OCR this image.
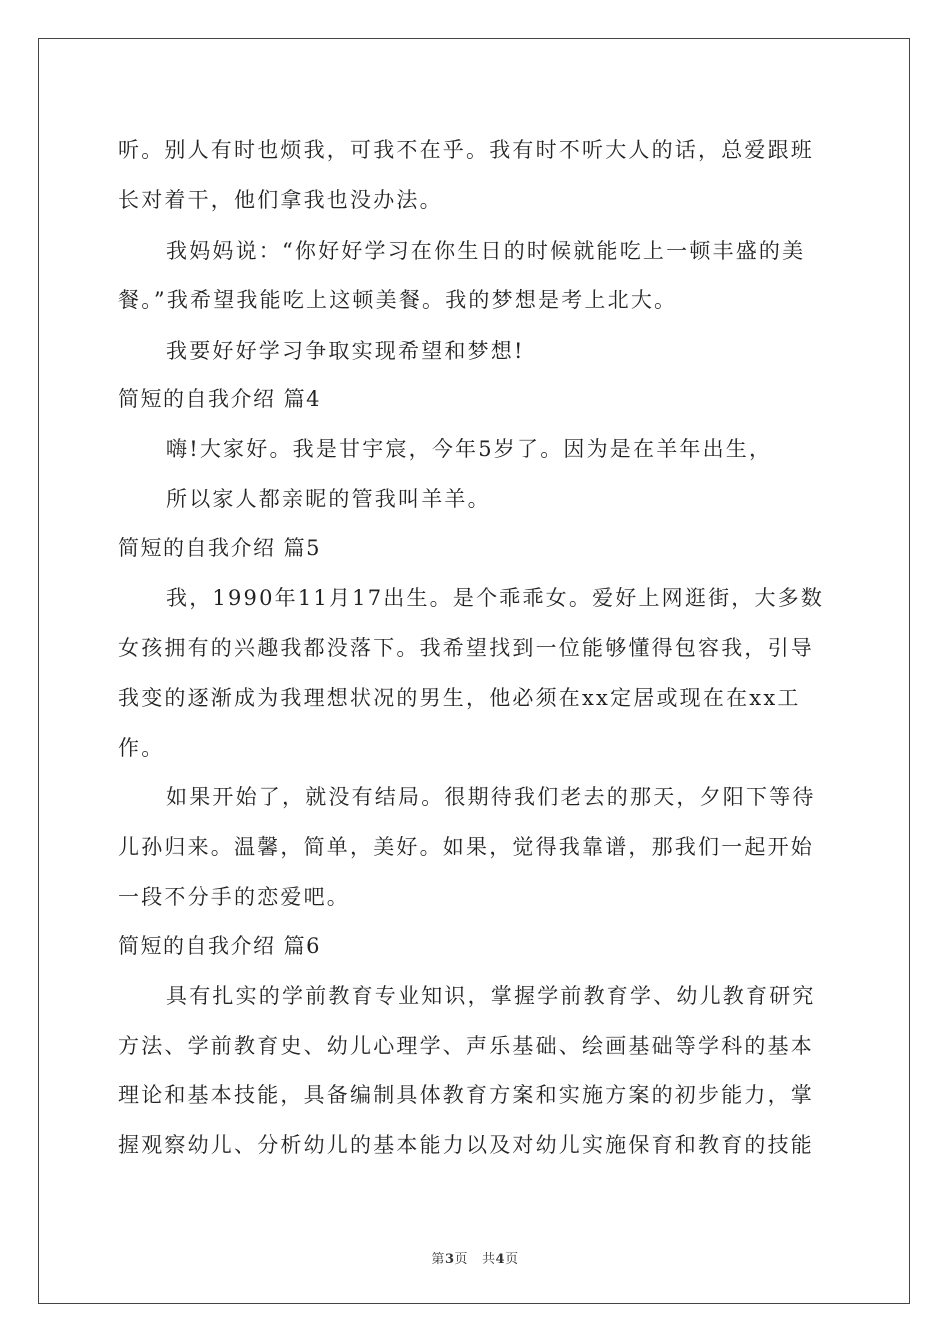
听。别人有时也烦我，可我不在乎。我有时不听大人的话，总爱跟班
长对着干，他们拿我也没办法。
我妈妈说：“你好好学习在你生日的时候就能吃上一顿丰盛的美
餐。”我希望我能吃上这顿美餐。我的梦想是考上北大。
我要好好学习争取实现希望和梦想!
简短的自我介绍 篇4
嗨!大家好。我是甘宇宸，今年5岁了。因为是在羊年出生，
所以家人都亲昵的管我叫羊羊。
简短的自我介绍 篇5
我，1990年11月17出生。是个乖乖女。爱好上网逛街，大多数
女孩拥有的兴趣我都没落下。我希望找到一位能够懂得包容我，引导
我变的逐渐成为我理想状况的男生，他必须在xx定居或现在在xx工
作。
如果开始了，就没有结局。很期待我们老去的那天，夕阳下等待
儿孙归来。温馨，简单，美好。如果，觉得我靠谱，那我们一起开始
一段不分手的恋爱吧。
简短的自我介绍 篇6
具有扎实的学前教育专业知识，掌握学前教育学、幼儿教育研究
方法、学前教育史、幼儿心理学、声乐基础、绘画基础等学科的基本
理论和基本技能，具备编制具体教育方案和实施方案的初步能力，掌
握观察幼儿、分析幼儿的基本能力以及对幼儿实施保育和教育的技能
第3页 共4页
